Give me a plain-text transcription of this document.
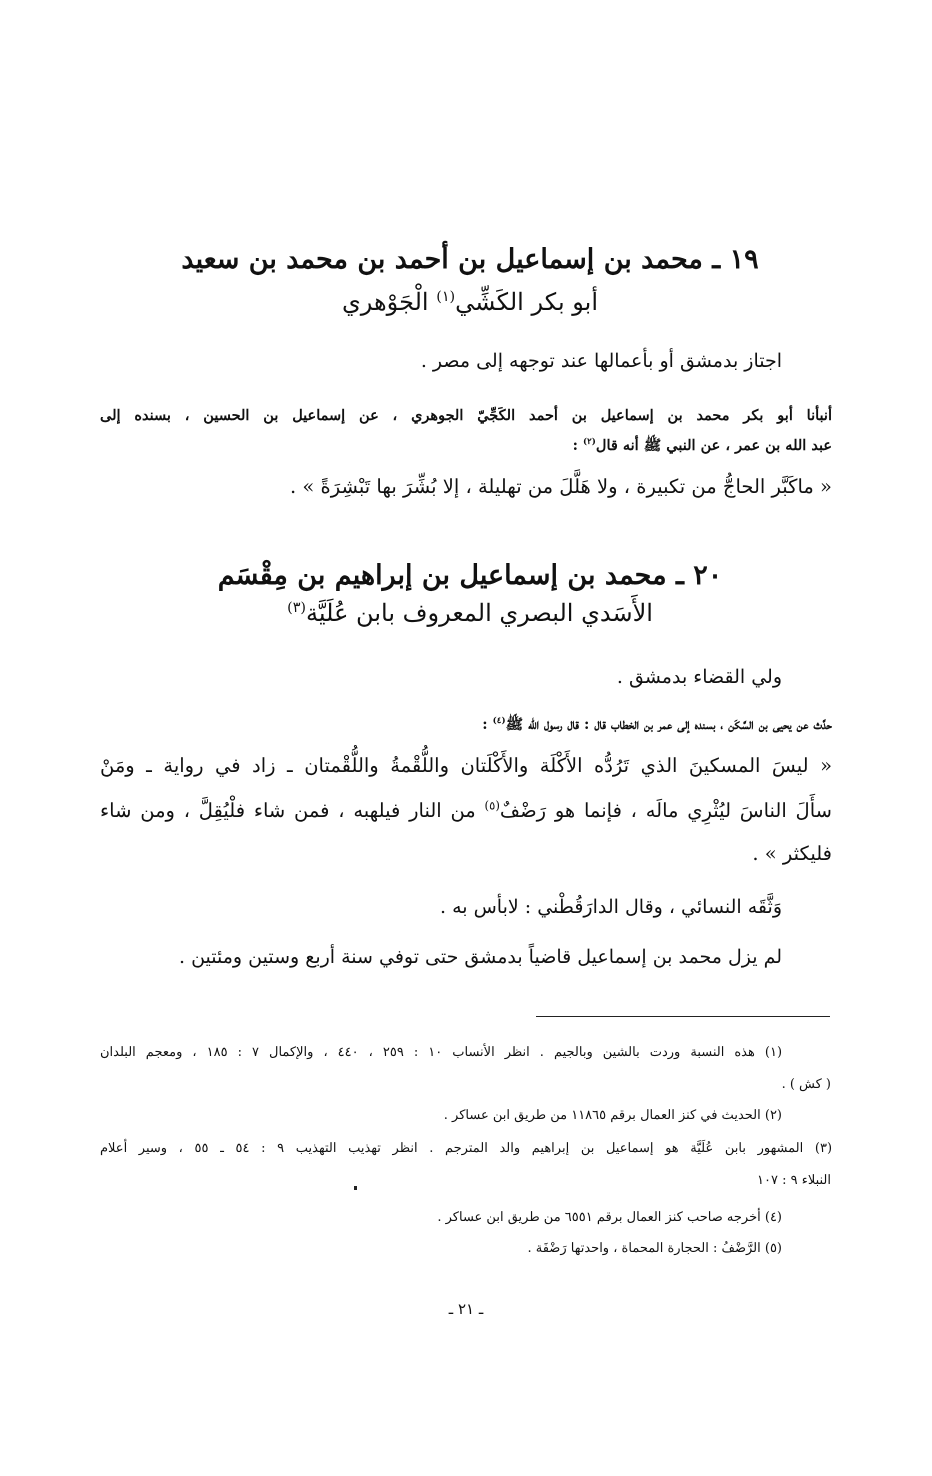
١٩ ـ محمد بن إسماعيل بن أحمد بن محمد بن سعيد
أبو بكر الكَشِّي$^{(١)}$ الْجَوْهري

اجتاز بدمشق أو بأعمالها عند توجهه إلى مصر .

أنبأنا أبو بكر محمد بن إسماعيل بن أحمد الكَجِّيّ الجوهري ، عن إسماعيل بن الحسين ، بسنده إلى

عبد الله بن عمر ، عن النبي ﷺ أنه قال$^{(٢)}$ :

« ماكَبَّر الحاجُّ من تكبيرة ، ولا هَلَّلَ من تهليلة ، إلا بُشِّرَ بها تَبْشِرَةً » .

٢٠ ـ محمد بن إسماعيل بن إبراهيم بن مِقْسَم
الأَسَدي البصري المعروف بابن عُلَيَّة$^{(٣)}$

ولي القضاء بدمشق .

حدَّث عن يحيى بن السَّكَن ، بسنده إلى عمر بن الخطاب قال : قال رسول الله ﷺ$^{(٤)}$ :

« ليسَ المسكينَ الذي تَرُدُّه الأَكْلَة والأَكْلَتان واللُّقْمةُ واللُّقْمتان ـ زاد في رواية ـ ومَنْ

سأَلَ الناسَ ليُثْرِي مالَه ، فإنما هو رَضْفٌ$^{(٥)}$ من النار فيلهبه ، فمن شاء فلْيُقِلَّ ، ومن شاء

فليكثر » .

وَثَّقَه النسائي ، وقال الدارَقُطْني : لابأس به .

لم يزل محمد بن إسماعيل قاضياً بدمشق حتى توفي سنة أربع وستين ومئتين .

(١) هذه النسبة وردت بالشين وبالجيم . انظر الأنساب ١٠ : ٢٥٩ ، ٤٤٠ ، والإكمال ٧ : ١٨٥ ، ومعجم البلدان

( كش ) .

(٢) الحديث في كنز العمال برقم ١١٨٦٥ من طريق ابن عساكر .

(٣) المشهور بابن عُلَيَّة هو إسماعيل بن إبراهيم والد المترجم . انظر تهذيب التهذيب ٩ : ٥٤ ـ ٥٥ ، وسير أعلام

النبلاء ٩ : ١٠٧

(٤) أخرجه صاحب كنز العمال برقم ٦٥٥١ من طريق ابن عساكر .

(٥) الرَّضْفُ : الحجارة المحماة ، واحدتها رَضْفَة .

ـ ٢١ ـ
